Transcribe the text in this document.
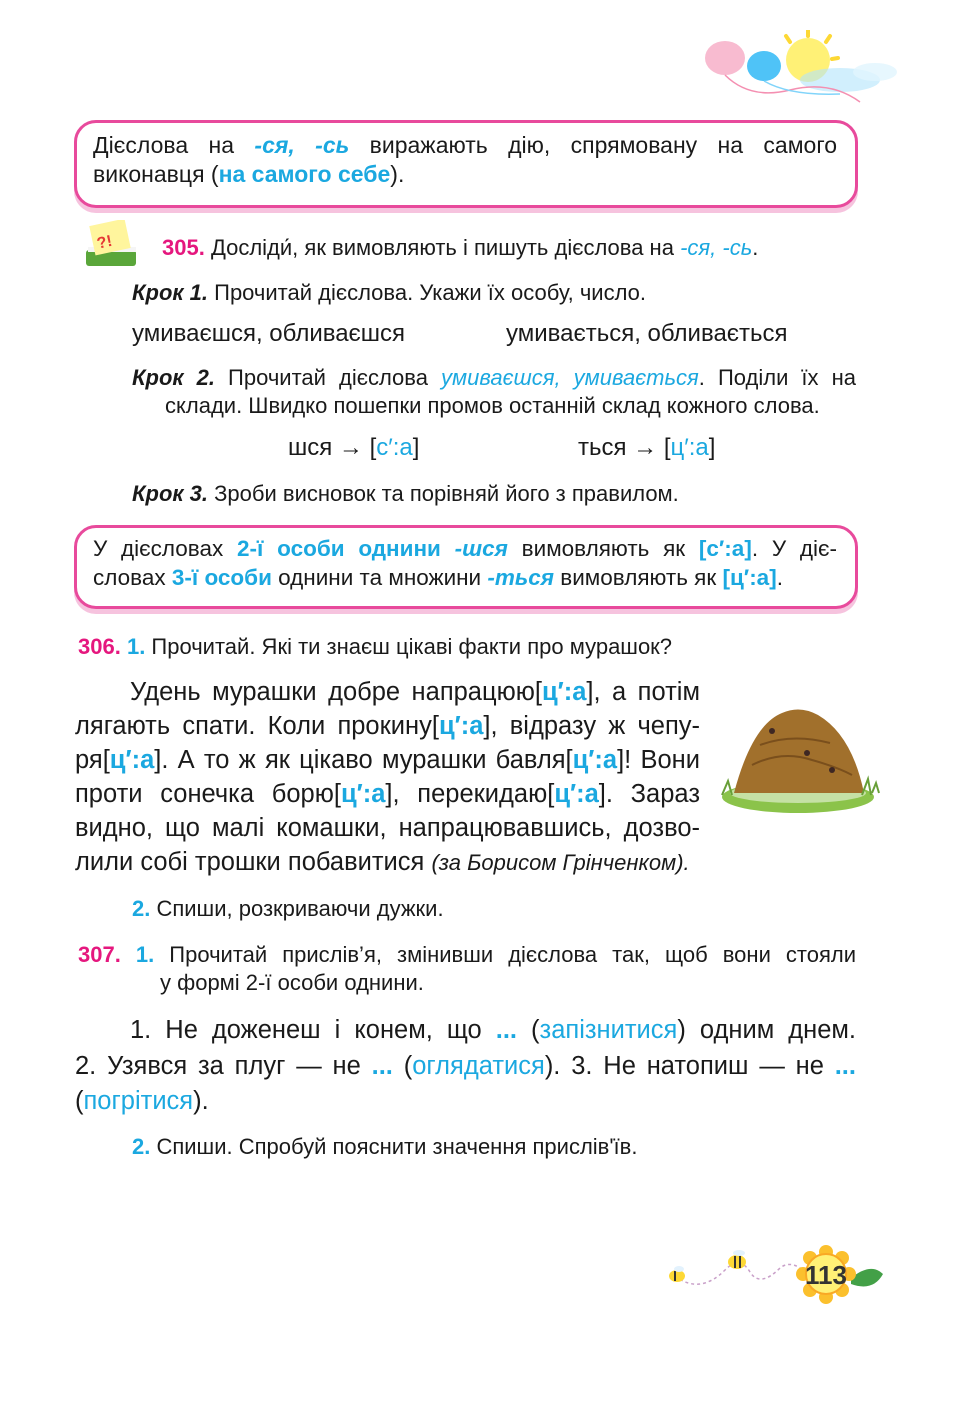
Дієслова на -ся, -сь виражають дію, спрямовану на самого
виконавця (на самого себе).
?! 305. Досліди́, як вимовляють і пишуть дієслова на -ся, -сь.
Крок 1. Прочитай дієслова. Укажи їх особу, число.
умиваєшся, обливаєшся	умивається, обливається
Крок 2. Прочитай дієслова умиваєшся, умивається. Поділи їх на
склади. Швидко пошепки промов останній склад кожного слова.
шся → [с′:а]	ться → [ц′:а]
Крок 3. Зроби висновок та порівняй його з правилом.
У дієсловах 2-ї особи однини -шся вимовляють як [с′:а]. У діє-
словах 3-ї особи однини та множини -ться вимовляють як [ц′:а].
306. 1. Прочитай. Які ти знаєш цікаві факти про мурашок?
Удень мурашки добре напрацюю[ц′:а], а потім
лягають спати. Коли прокину[ц′:а], відразу ж чепу-
ря[ц′:а]. А то ж як цікаво мурашки бавля[ц′:а]! Вони
проти сонечка борю[ц′:а], перекидаю[ц′:а]. Зараз
видно, що малі комашки, напрацювавшись, дозво-
лили собі трошки побавитися (за Борисом Грінченком).
2. Спиши, розкриваючи дужки.
307. 1. Прочитай прислів’я, змінивши дієслова так, щоб вони стояли
у формі 2-ї особи однини.
1. Не доженеш і конем, що ... (запізнитися) одним днем.
2. Узявся за плуг — не ... (оглядатися). 3. Не натопиш — не ...
(погрітися).
2. Спиши. Спробуй пояснити значення прислів'їв.
113
